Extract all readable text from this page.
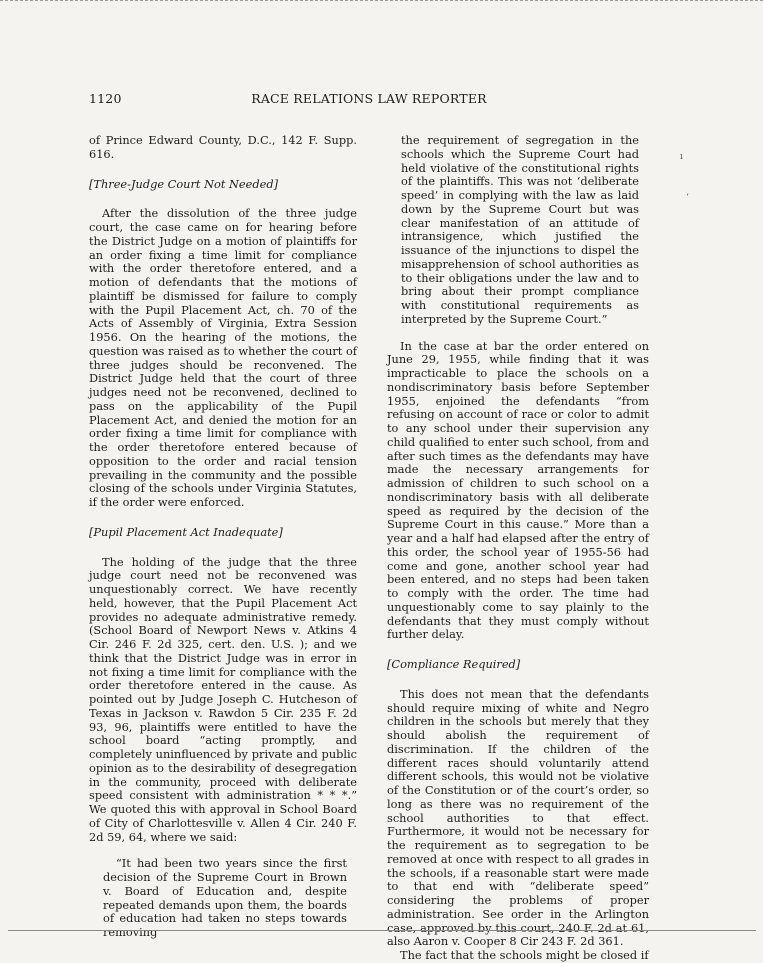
1120	RACE RELATIONS LAW REPORTER

of Prince Edward County, D.C., 142 F. Supp. 616.

[Three-Judge Court Not Needed]

After the dissolution of the three judge court, the case came on for hearing before the District Judge on a motion of plaintiffs for an order fixing a time limit for compliance with the order theretofore entered, and a motion of defendants that the motions of plaintiff be dismissed for failure to comply with the Pupil Placement Act, ch. 70 of the Acts of Assembly of Virginia, Extra Session 1956. On the hearing of the motions, the question was raised as to whether the court of three judges should be reconvened. The District Judge held that the court of three judges need not be reconvened, declined to pass on the applicability of the Pupil Placement Act, and denied the motion for an order fixing a time limit for compliance with the order theretofore entered because of opposition to the order and racial tension prevailing in the community and the possible closing of the schools under Virginia Statutes, if the order were enforced.

[Pupil Placement Act Inadequate]

The holding of the judge that the three judge court need not be reconvened was unquestionably correct. We have recently held, however, that the Pupil Placement Act provides no adequate administrative remedy. (School Board of Newport News v. Atkins 4 Cir. 246 F. 2d 325, cert. den. U.S. ); and we think that the District Judge was in error in not fixing a time limit for compliance with the order theretofore entered in the cause. As pointed out by Judge Joseph C. Hutcheson of Texas in Jackson v. Rawdon 5 Cir. 235 F. 2d 93, 96, plaintiffs were entitled to have the school board “acting promptly, and completely uninfluenced by private and public opinion as to the desirability of desegregation in the community, proceed with deliberate speed consistent with administration * * *.” We quoted this with approval in School Board of City of Charlottesville v. Allen 4 Cir. 240 F. 2d 59, 64, where we said:

“It had been two years since the first decision of the Supreme Court in Brown v. Board of Education and, despite repeated demands upon them, the boards of education had taken no steps towards removing

the requirement of segregation in the schools which the Supreme Court had held violative of the constitutional rights of the plaintiffs. This was not ‘deliberate speed’ in complying with the law as laid down by the Supreme Court but was clear manifestation of an attitude of intransigence, which justified the issuance of the injunctions to dispel the misapprehension of school authorities as to their obligations under the law and to bring about their prompt compliance with constitutional requirements as interpreted by the Supreme Court.”

In the case at bar the order entered on June 29, 1955, while finding that it was impracticable to place the schools on a nondiscriminatory basis before September 1955, enjoined the defendants “from refusing on account of race or color to admit to any school under their supervision any child qualified to enter such school, from and after such times as the defendants may have made the necessary arrangements for admission of children to such school on a nondiscriminatory basis with all deliberate speed as required by the decision of the Supreme Court in this cause.” More than a year and a half had elapsed after the entry of this order, the school year of 1955-56 had come and gone, another school year had been entered, and no steps had been taken to comply with the order. The time had unquestionably come to say plainly to the defendants that they must comply without further delay.

[Compliance Required]

This does not mean that the defendants should require mixing of white and Negro children in the schools but merely that they should abolish the requirement of discrimination. If the children of the different races should voluntarily attend different schools, this would not be violative of the Constitution or of the court’s order, so long as there was no requirement of the school authorities to that effect. Furthermore, it would not be necessary for the requirement as to segregation to be removed at once with respect to all grades in the schools, if a reasonable start were made to that end with “deliberate speed” considering the problems of proper administration. See order in the Arlington case, approved by this court, 240 F. 2d at 61, also Aaron v. Cooper 8 Cir 243 F. 2d 361.

The fact that the schools might be closed if

ı
ʻ
